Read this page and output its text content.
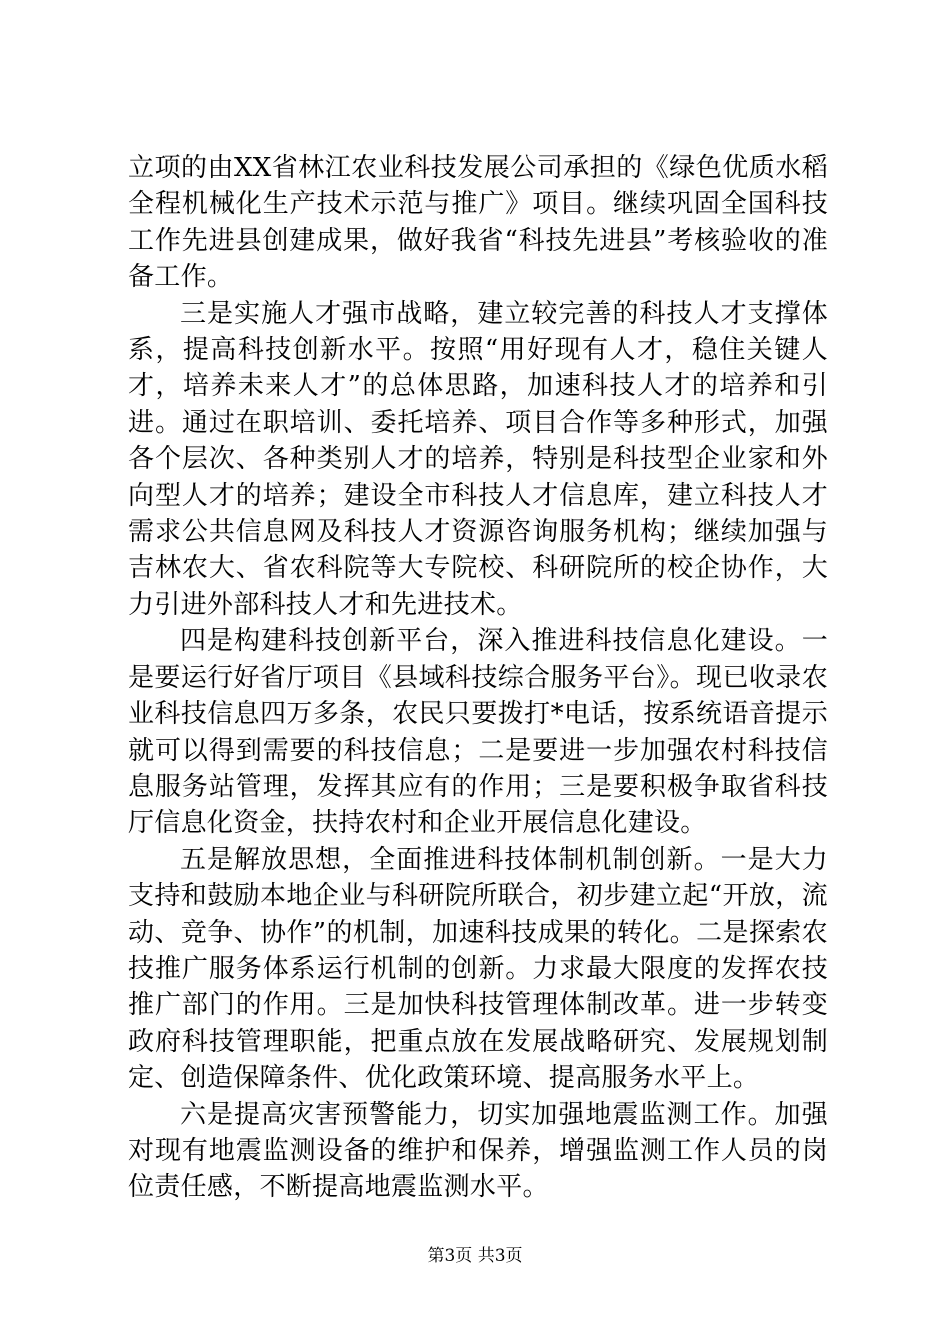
立项的由XX省林江农业科技发展公司承担的《绿色优质水稻全程机械化生产技术示范与推广》项目。继续巩固全国科技工作先进县创建成果，做好我省“科技先进县”考核验收的准备工作。

三是实施人才强市战略，建立较完善的科技人才支撑体系，提高科技创新水平。按照“用好现有人才，稳住关键人才，培养未来人才”的总体思路，加速科技人才的培养和引进。通过在职培训、委托培养、项目合作等多种形式，加强各个层次、各种类别人才的培养，特别是科技型企业家和外向型人才的培养；建设全市科技人才信息库，建立科技人才需求公共信息网及科技人才资源咨询服务机构；继续加强与吉林农大、省农科院等大专院校、科研院所的校企协作，大力引进外部科技人才和先进技术。

四是构建科技创新平台，深入推进科技信息化建设。一是要运行好省厅项目《县域科技综合服务平台》。现已收录农业科技信息四万多条，农民只要拨打*电话，按系统语音提示就可以得到需要的科技信息；二是要进一步加强农村科技信息服务站管理，发挥其应有的作用；三是要积极争取省科技厅信息化资金，扶持农村和企业开展信息化建设。

五是解放思想，全面推进科技体制机制创新。一是大力支持和鼓励本地企业与科研院所联合，初步建立起“开放，流动、竞争、协作”的机制，加速科技成果的转化。二是探索农技推广服务体系运行机制的创新。力求最大限度的发挥农技推广部门的作用。三是加快科技管理体制改革。进一步转变政府科技管理职能，把重点放在发展战略研究、发展规划制定、创造保障条件、优化政策环境、提高服务水平上。

六是提高灾害预警能力，切实加强地震监测工作。加强对现有地震监测设备的维护和保养，增强监测工作人员的岗位责任感，不断提高地震监测水平。

第3页 共3页
